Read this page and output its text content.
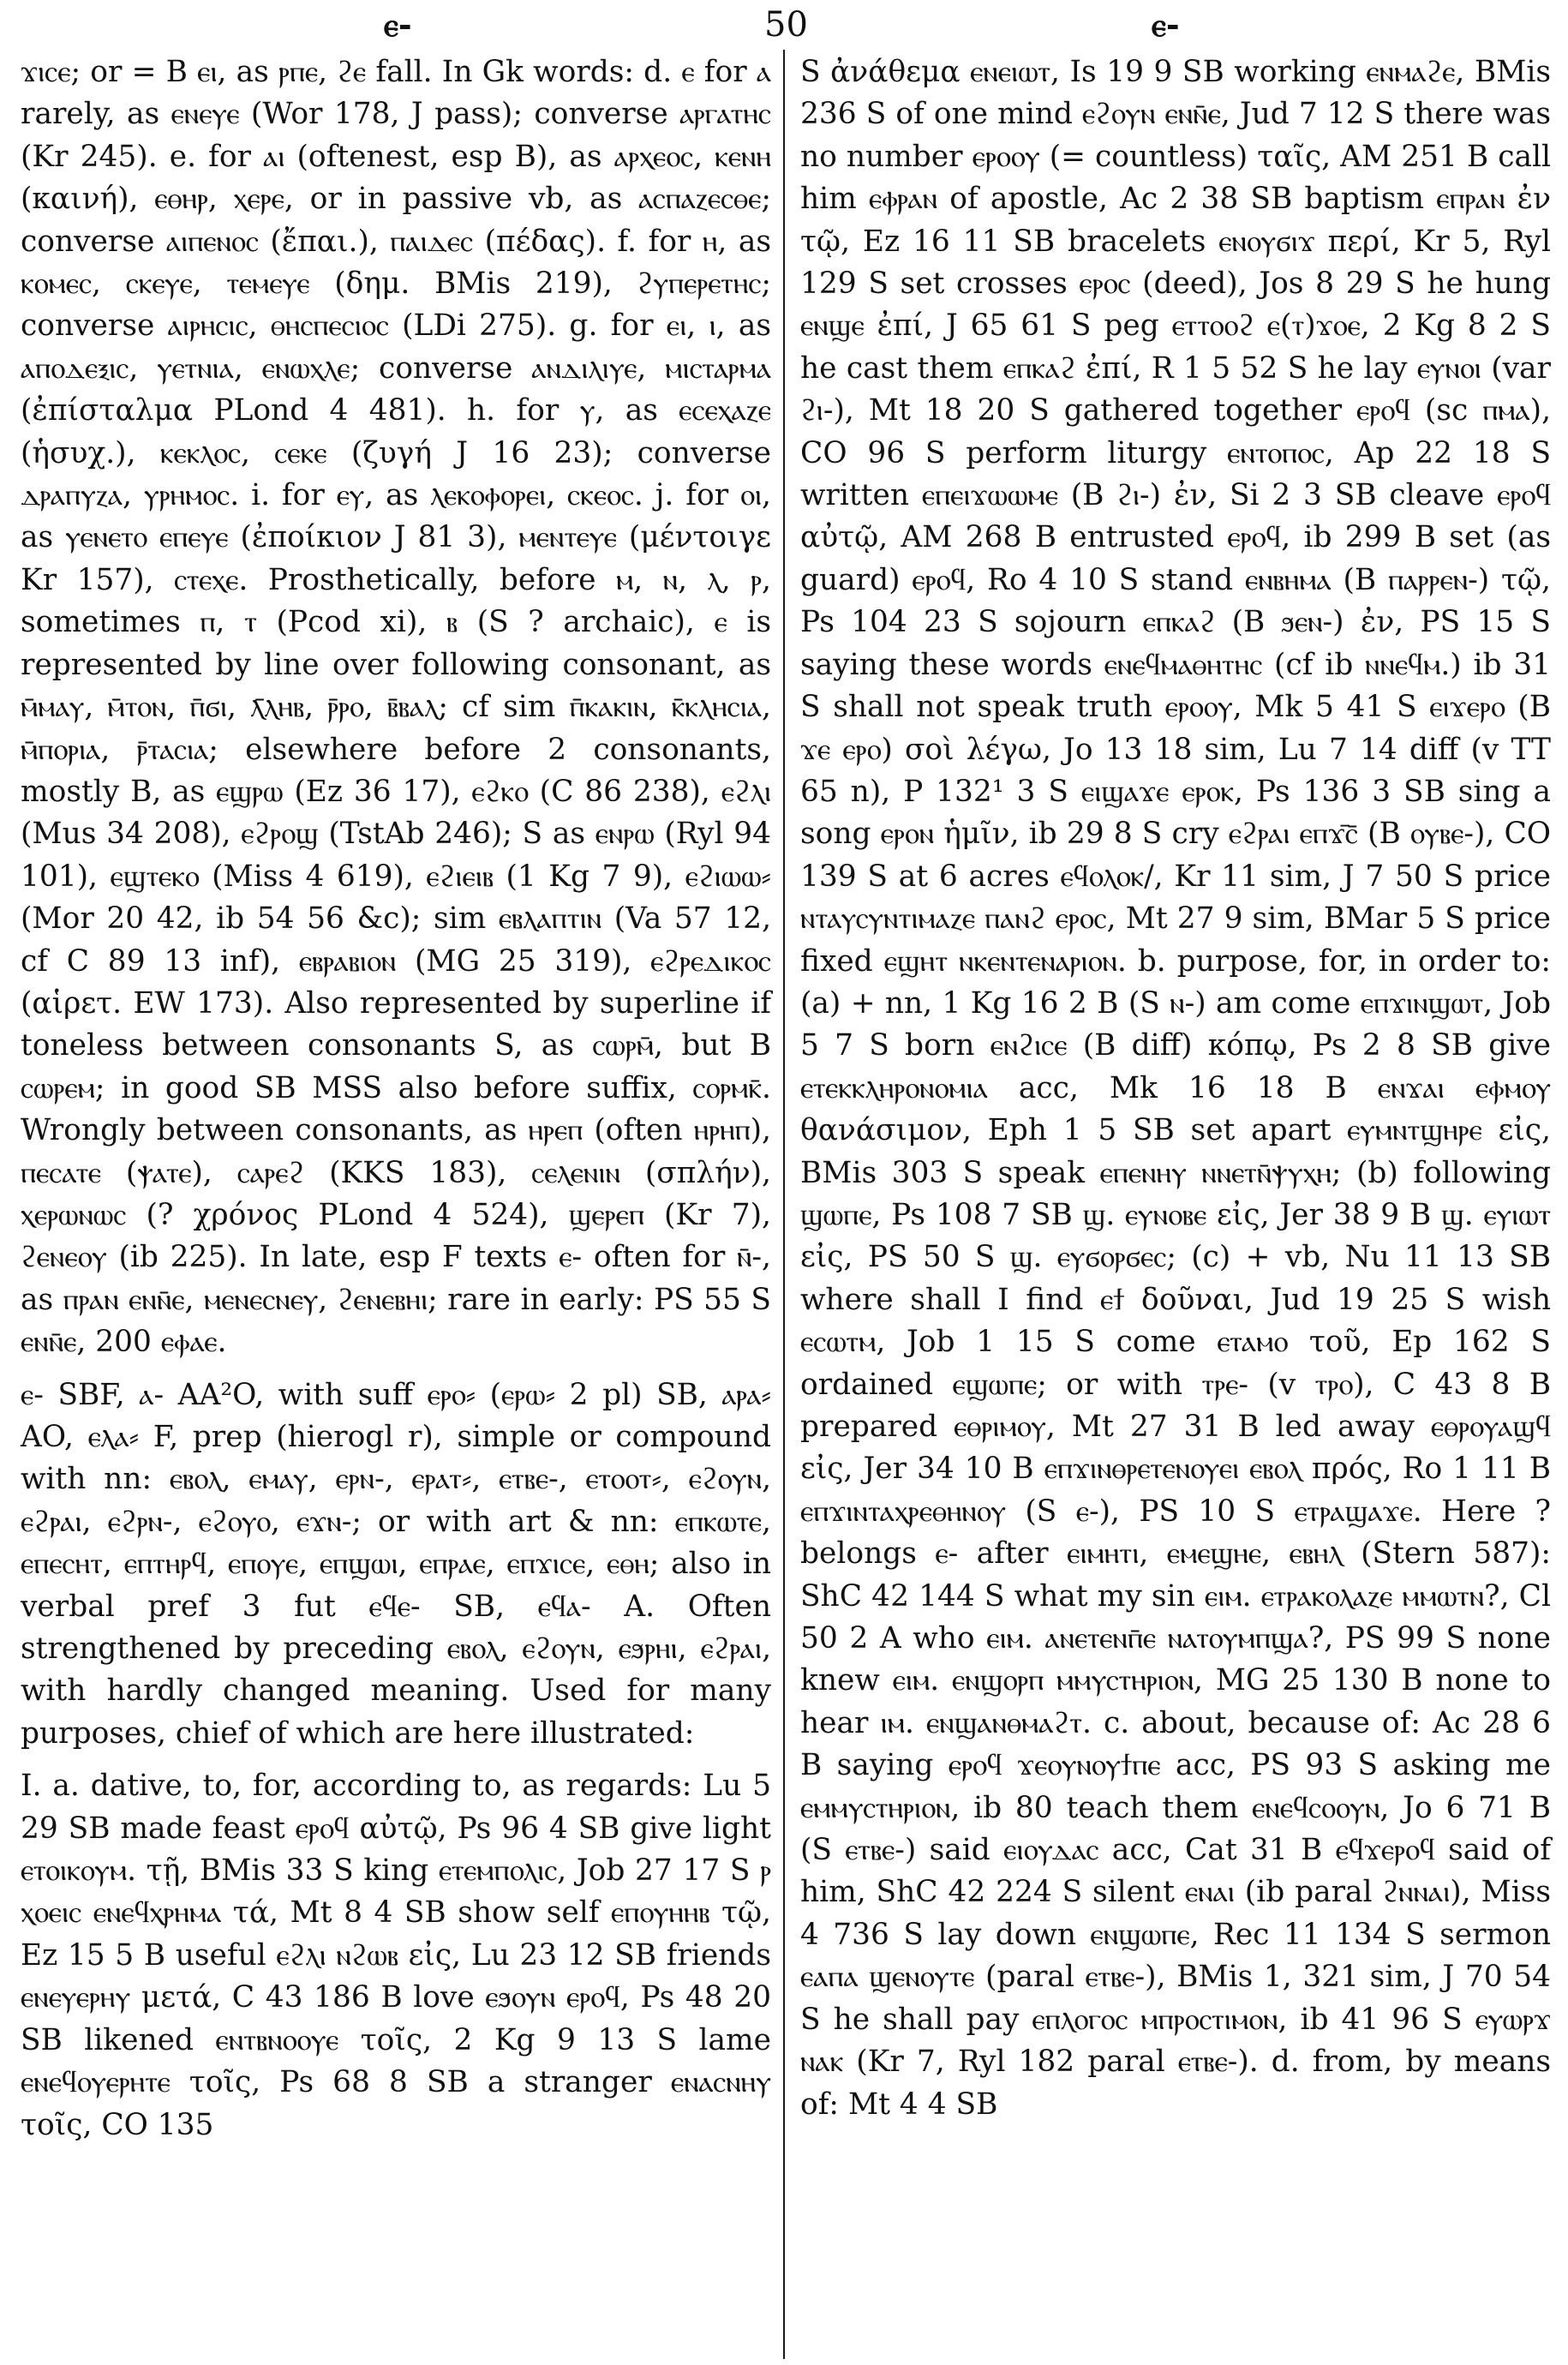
ⲉ-	50	ⲉ-

ϫⲓⲥⲉ; or = B ⲉⲓ, as ⲣⲡⲉ, ϩⲉ fall. In Gk words: d. ⲉ for ⲁ rarely, as ⲉⲛⲉⲩⲉ (Wor 178, J pass); converse ⲁⲣⲅⲁⲧⲏⲥ (Kr 245). e. for ⲁⲓ (oftenest, esp B), as ⲁⲣⲭⲉⲟⲥ, ⲕⲉⲛⲏ (καινή), ⲉⲑⲏⲣ, ⲭⲉⲣⲉ, or in passive vb, as ⲁⲥⲡⲁⲍⲉⲥⲑⲉ; converse ⲁⲓⲡⲉⲛⲟⲥ (ἔπαι.), ⲡⲁⲓⲇⲉⲥ (πέδας). f. for ⲏ, as ⲕⲟⲙⲉⲥ, ⲥⲕⲉⲩⲉ, ⲧⲉⲙⲉⲩⲉ (δημ. BMis 219), ϩⲩⲡⲉⲣⲉⲧⲏⲥ; converse ⲁⲓⲣⲏⲥⲓⲥ, ⲑⲏⲥⲡⲉⲥⲓⲟⲥ (LDi 275). g. for ⲉⲓ, ⲓ, as ⲁⲡⲟⲇⲉⲝⲓⲥ, ⲩⲉⲧⲛⲓⲁ, ⲉⲛⲱⲭⲗⲉ; converse ⲁⲛⲇⲓⲗⲓⲩⲉ, ⲙⲓⲥⲧⲁⲣⲙⲁ (ἐπίσταλμα PLond 4 481). h. for ⲩ, as ⲉⲥⲉⲭⲁⲍⲉ (ἡσυχ.), ⲕⲉⲕⲗⲟⲥ, ⲥⲉⲕⲉ (ζυγή J 16 23); converse ⲇⲣⲁⲡⲩⲍⲁ, ⲩⲣⲏⲙⲟⲥ. i. for ⲉⲩ, as ⲗⲉⲕⲟⲫⲟⲣⲉⲓ, ⲥⲕⲉⲟⲥ. j. for ⲟⲓ, as ⲩⲉⲛⲉⲧⲟ ⲉⲡⲉⲩⲉ (ἐποίκιον J 81 3), ⲙⲉⲛⲧⲉⲩⲉ (μέντοιγε Kr 157), ⲥⲧⲉⲭⲉ. Prosthetically, before ⲙ, ⲛ, ⲗ, ⲣ, sometimes ⲡ, ⲧ (Pcod xi), ⲃ (S ? archaic), ⲉ is represented by line over following consonant, as ⲙ̄ⲙⲁⲩ, ⲙ̄ⲧⲟⲛ, ⲡ̄ϭⲓ, ⲗ̄ⲗⲏⲃ, ⲣ̄ⲣⲟ, ⲃ̄ⲃⲁⲗ; cf sim ⲡ̄ⲕⲁⲕⲓⲛ, ⲕ̄ⲕⲗⲏⲥⲓⲁ, ⲙ̄ⲡⲟⲣⲓⲁ, ⲣ̄ⲧⲁⲥⲓⲁ; elsewhere before 2 consonants, mostly B, as ⲉϣⲣⲱ (Ez 36 17), ⲉϩⲕⲟ (C 86 238), ⲉϩⲗⲓ (Mus 34 208), ⲉϩⲣⲟϣ (TstAb 246); S as ⲉⲛⲣⲱ (Ryl 94 101), ⲉϣⲧⲉⲕⲟ (Miss 4 619), ⲉϩⲓⲉⲓⲃ (1 Kg 7 9), ⲉϩⲓⲱⲱ⸗ (Mor 20 42, ib 54 56 &c); sim ⲉⲃⲗⲁⲡⲧⲓⲛ (Va 57 12, cf C 89 13 inf), ⲉⲃⲣⲁⲃⲓⲟⲛ (MG 25 319), ⲉϩⲣⲉⲇⲓⲕⲟⲥ (αἱρετ. EW 173). Also represented by superline if toneless between consonants S, as ⲥⲱⲣⲙ̄, but B ⲥⲱⲣⲉⲙ; in good SB MSS also before suffix, ⲥⲟⲣⲙⲕ̄. Wrongly between consonants, as ⲏⲣⲉⲡ (often ⲏⲣⲏⲡ), ⲡⲉⲥⲁⲧⲉ (ⲯⲁⲧⲉ), ⲥⲁⲣⲉϩ (KKS 183), ⲥⲉⲗⲉⲛⲓⲛ (σπλήν), ⲭⲉⲣⲱⲛⲱⲥ (? χρόνος PLond 4 524), ϣⲉⲣⲉⲡ (Kr 7), ϩⲉⲛⲉⲟⲩ (ib 225). In late, esp F texts ⲉ- often for ⲛ̄-, as ⲡⲣⲁⲛ ⲉⲛⲛ̄ⲉ, ⲙⲉⲛⲉⲥⲛⲉⲩ, ϩⲉⲛⲉⲃⲏⲓ; rare in early: PS 55 S ⲉⲛⲛ̄ⲉ, 200 ⲉⲫⲁⲉ.

ⲉ- SBF, ⲁ- AA²O, with suff ⲉⲣⲟ⸗ (ⲉⲣⲱ⸗ 2 pl) SB, ⲁⲣⲁ⸗ AO, ⲉⲗⲁ⸗ F, prep (hierogl r), simple or compound with nn: ⲉⲃⲟⲗ, ⲉⲙⲁⲩ, ⲉⲣⲛ-, ⲉⲣⲁⲧ⸗, ⲉⲧⲃⲉ-, ⲉⲧⲟⲟⲧ⸗, ⲉϩⲟⲩⲛ, ⲉϩⲣⲁⲓ, ⲉϩⲣⲛ-, ⲉϩⲟⲩⲟ, ⲉϫⲛ-; or with art & nn: ⲉⲡⲕⲱⲧⲉ, ⲉⲡⲉⲥⲏⲧ, ⲉⲡⲧⲏⲣϥ, ⲉⲡⲟⲩⲉ, ⲉⲡϣⲱⲓ, ⲉⲡⲣⲁⲉ, ⲉⲡϫⲓⲥⲉ, ⲉⲑⲏ; also in verbal pref 3 fut ⲉϥⲉ- SB, ⲉϥⲁ- A. Often strengthened by preceding ⲉⲃⲟⲗ, ⲉϩⲟⲩⲛ, ⲉϧⲣⲏⲓ, ⲉϩⲣⲁⲓ, with hardly changed meaning. Used for many purposes, chief of which are here illustrated:

I. a. dative, to, for, according to, as regards: Lu 5 29 SB made feast ⲉⲣⲟϥ αὐτῷ, Ps 96 4 SB give light ⲉⲧⲟⲓⲕⲟⲩⲙ. τῇ, BMis 33 S king ⲉⲧⲉⲙⲡⲟⲗⲓⲥ, Job 27 17 S ⲣ ⲭⲟⲉⲓⲥ ⲉⲛⲉϥⲭⲣⲏⲙⲁ τά, Mt 8 4 SB show self ⲉⲡⲟⲩⲏⲏⲃ τῷ, Ez 15 5 B useful ⲉϩⲗⲓ ⲛϩⲱⲃ εἰς, Lu 23 12 SB friends ⲉⲛⲉⲩⲉⲣⲏⲩ μετά, C 43 186 B love ⲉϧⲟⲩⲛ ⲉⲣⲟϥ, Ps 48 20 SB likened ⲉⲛⲧⲃⲛⲟⲟⲩⲉ τοῖς, 2 Kg 9 13 S lame ⲉⲛⲉϥⲟⲩⲉⲣⲏⲧⲉ τοῖς, Ps 68 8 SB a stranger ⲉⲛⲁⲥⲛⲏⲩ τοῖς, CO 135

S ἀνάθεμα ⲉⲛⲉⲓⲱⲧ, Is 19 9 SB working ⲉⲛⲙⲁϩⲉ, BMis 236 S of one mind ⲉϩⲟⲩⲛ ⲉⲛⲛ̄ⲉ, Jud 7 12 S there was no number ⲉⲣⲟⲟⲩ (= countless) ταῖς, AM 251 B call him ⲉⲫⲣⲁⲛ of apostle, Ac 2 38 SB baptism ⲉⲡⲣⲁⲛ ἐν τῷ, Ez 16 11 SB bracelets ⲉⲛⲟⲩϭⲓϫ περί, Kr 5, Ryl 129 S set crosses ⲉⲣⲟⲥ (deed), Jos 8 29 S he hung ⲉⲛϣⲉ ἐπί, J 65 61 S peg ⲉⲧⲧⲟⲟϩ ⲉ(ⲧ)ϫⲟⲉ, 2 Kg 8 2 S he cast them ⲉⲡⲕⲁϩ ἐπί, R 1 5 52 S he lay ⲉⲩⲛⲟⲓ (var ϩⲓ-), Mt 18 20 S gathered together ⲉⲣⲟϥ (sc ⲡⲙⲁ), CO 96 S perform liturgy ⲉⲛⲧⲟⲡⲟⲥ, Ap 22 18 S written ⲉⲡⲉⲓϫⲱⲱⲙⲉ (B ϩⲓ-) ἐν, Si 2 3 SB cleave ⲉⲣⲟϥ αὐτῷ, AM 268 B entrusted ⲉⲣⲟϥ, ib 299 B set (as guard) ⲉⲣⲟϥ, Ro 4 10 S stand ⲉⲛⲃⲏⲙⲁ (B ⲡⲁⲣⲣⲉⲛ-) τῷ, Ps 104 23 S sojourn ⲉⲡⲕⲁϩ (B ϧⲉⲛ-) ἐν, PS 15 S saying these words ⲉⲛⲉϥⲙⲁⲑⲏⲧⲏⲥ (cf ib ⲛⲛⲉϥⲙ.) ib 31 S shall not speak truth ⲉⲣⲟⲟⲩ, Mk 5 41 S ⲉⲓϫⲉⲣⲟ (B ϫⲉ ⲉⲣⲟ) σοὶ λέγω, Jo 13 18 sim, Lu 7 14 diff (v TT 65 n), P 132¹ 3 S ⲉⲓϣⲁϫⲉ ⲉⲣⲟⲕ, Ps 136 3 SB sing a song ⲉⲣⲟⲛ ἡμῖν, ib 29 8 S cry ⲉϩⲣⲁⲓ ⲉⲡϫ̄ⲥ̄ (B ⲟⲩⲃⲉ-), CO 139 S at 6 acres ⲉϥⲟⲗⲟⲕ/, Kr 11 sim, J 7 50 S price ⲛⲧⲁⲩⲥⲩⲛⲧⲓⲙⲁⲍⲉ ⲡⲁⲛϩ ⲉⲣⲟⲥ, Mt 27 9 sim, BMar 5 S price fixed ⲉϣⲏⲧ ⲛⲕⲉⲛⲧⲉⲛⲁⲣⲓⲟⲛ. b. purpose, for, in order to: (a) + nn, 1 Kg 16 2 B (S ⲛ-) am come ⲉⲡϫⲓⲛϣⲱⲧ, Job 5 7 S born ⲉⲛϩⲓⲥⲉ (B diff) κόπῳ, Ps 2 8 SB give ⲉⲧⲉⲕⲕⲗⲏⲣⲟⲛⲟⲙⲓⲁ acc, Mk 16 18 B ⲉⲛϫⲁⲓ ⲉⲫⲙⲟⲩ θανάσιμον, Eph 1 5 SB set apart ⲉⲩⲙⲛⲧϣⲏⲣⲉ εἰς, BMis 303 S speak ⲉⲡⲉⲛⲏⲩ ⲛⲛⲉⲧⲛ̄ⲯⲩⲭⲏ; (b) following ϣⲱⲡⲉ, Ps 108 7 SB ϣ. ⲉⲩⲛⲟⲃⲉ εἰς, Jer 38 9 B ϣ. ⲉⲩⲓⲱⲧ εἰς, PS 50 S ϣ. ⲉⲩϭⲟⲣϭⲉⲥ; (c) + vb, Nu 11 13 SB where shall I find ⲉϯ δοῦναι, Jud 19 25 S wish ⲉⲥⲱⲧⲙ, Job 1 15 S come ⲉⲧⲁⲙⲟ τοῦ, Ep 162 S ordained ⲉϣⲱⲡⲉ; or with ⲧⲣⲉ- (v ⲧⲣⲟ), C 43 8 B prepared ⲉⲑⲣⲓⲙⲟⲩ, Mt 27 31 B led away ⲉⲑⲣⲟⲩⲁϣϥ εἰς, Jer 34 10 B ⲉⲡϫⲓⲛⲑⲣⲉⲧⲉⲛⲟⲩⲉⲓ ⲉⲃⲟⲗ πρός, Ro 1 11 B ⲉⲡϫⲓⲛⲧⲁⲭⲣⲉⲑⲏⲛⲟⲩ (S ⲉ-), PS 10 S ⲉⲧⲣⲁϣⲁϫⲉ. Here ? belongs ⲉ- after ⲉⲓⲙⲏⲧⲓ, ⲉⲙⲉϣⲏⲉ, ⲉⲃⲏⲗ (Stern 587): ShC 42 144 S what my sin ⲉⲓⲙ. ⲉⲧⲣⲁⲕⲟⲗⲁⲍⲉ ⲙⲙⲱⲧⲛ?, Cl 50 2 A who ⲉⲓⲙ. ⲁⲛⲉⲧⲉⲛⲡ̄ⲉ ⲛⲁⲧⲟⲩⲙⲡϣⲁ?, PS 99 S none knew ⲉⲓⲙ. ⲉⲛϣⲟⲣⲡ ⲙⲙⲩⲥⲧⲏⲣⲓⲟⲛ, MG 25 130 B none to hear ⲓⲙ. ⲉⲛϣⲁⲛⲑⲙⲁϩⲧ. c. about, because of: Ac 28 6 B saying ⲉⲣⲟϥ ϫⲉⲟⲩⲛⲟⲩϯⲡⲉ acc, PS 93 S asking me ⲉⲙⲙⲩⲥⲧⲏⲣⲓⲟⲛ, ib 80 teach them ⲉⲛⲉϥⲥⲟⲟⲩⲛ, Jo 6 71 B (S ⲉⲧⲃⲉ-) said ⲉⲓⲟⲩⲇⲁⲥ acc, Cat 31 B ⲉϥϫⲉⲣⲟϥ said of him, ShC 42 224 S silent ⲉⲛⲁⲓ (ib paral ϩⲛⲛⲁⲓ), Miss 4 736 S lay down ⲉⲛϣⲱⲡⲉ, Rec 11 134 S sermon ⲉⲁⲡⲁ ϣⲉⲛⲟⲩⲧⲉ (paral ⲉⲧⲃⲉ-), BMis 1, 321 sim, J 70 54 S he shall pay ⲉⲡⲗⲟⲅⲟⲥ ⲙⲡⲣⲟⲥⲧⲓⲙⲟⲛ, ib 41 96 S ⲉⲩⲱⲣϫ ⲛⲁⲕ (Kr 7, Ryl 182 paral ⲉⲧⲃⲉ-). d. from, by means of: Mt 4 4 SB
